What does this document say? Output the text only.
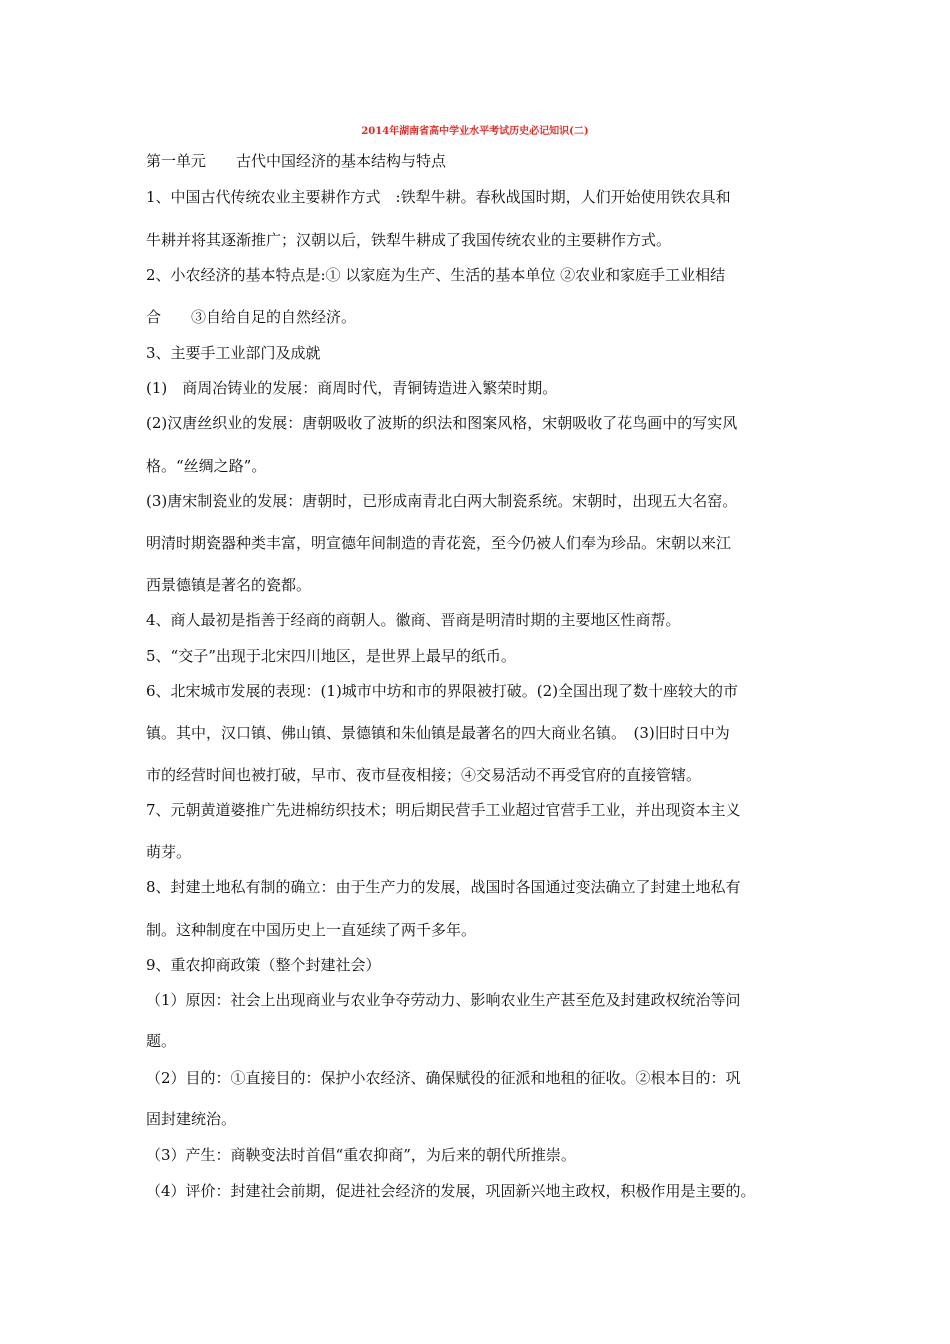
2014年湖南省高中学业水平考试历史必记知识(二)
第一单元　　古代中国经济的基本结构与特点
1、中国古代传统农业主要耕作方式　:铁犁牛耕。春秋战国时期，人们开始使用铁农具和
牛耕并将其逐渐推广；汉朝以后，铁犁牛耕成了我国传统农业的主要耕作方式。
2、小农经济的基本特点是:① 以家庭为生产、生活的基本单位 ②农业和家庭手工业相结
合　　③自给自足的自然经济。
3、主要手工业部门及成就
(1)　商周冶铸业的发展：商周时代，青铜铸造进入繁荣时期。
(2)汉唐丝织业的发展：唐朝吸收了波斯的织法和图案风格，宋朝吸收了花鸟画中的写实风
格。“丝绸之路”。
(3)唐宋制瓷业的发展：唐朝时，已形成南青北白两大制瓷系统。宋朝时，出现五大名窑。
明清时期瓷器种类丰富，明宣德年间制造的青花瓷，至今仍被人们奉为珍品。宋朝以来江
西景德镇是著名的瓷都。
4、商人最初是指善于经商的商朝人。徽商、晋商是明清时期的主要地区性商帮。
5、“交子”出现于北宋四川地区，是世界上最早的纸币。
6、北宋城市发展的表现：(1)城市中坊和市的界限被打破。(2)全国出现了数十座较大的市
镇。其中，汉口镇、佛山镇、景德镇和朱仙镇是最著名的四大商业名镇。　(3)旧时日中为
市的经营时间也被打破，早市、夜市昼夜相接；④交易活动不再受官府的直接管辖。
7、元朝黄道婆推广先进棉纺织技术；明后期民营手工业超过官营手工业，并出现资本主义
萌芽。
8、封建土地私有制的确立：由于生产力的发展，战国时各国通过变法确立了封建土地私有
制。这种制度在中国历史上一直延续了两千多年。
9、重农抑商政策（整个封建社会）
（1）原因：社会上出现商业与农业争夺劳动力、影响农业生产甚至危及封建政权统治等问
题。
（2）目的：①直接目的：保护小农经济、确保赋役的征派和地租的征收。②根本目的：巩
固封建统治。
（3）产生：商鞅变法时首倡“重农抑商”，为后来的朝代所推崇。
（4）评价：封建社会前期，促进社会经济的发展，巩固新兴地主政权，积极作用是主要的。
